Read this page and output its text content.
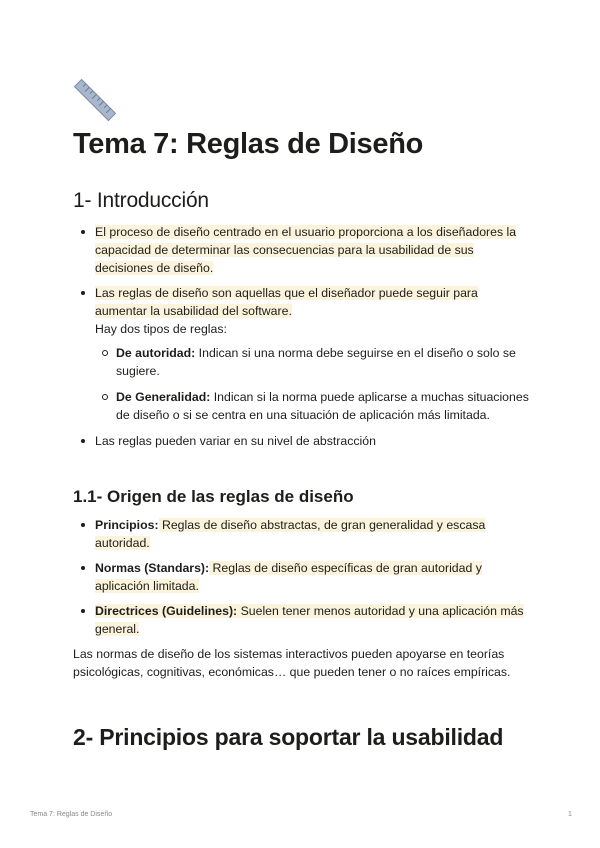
Tema 7: Reglas de Diseño
1- Introducción
El proceso de diseño centrado en el usuario proporciona a los diseñadores la capacidad de determinar las consecuencias para la usabilidad de sus decisiones de diseño.
Las reglas de diseño son aquellas que el diseñador puede seguir para aumentar la usabilidad del software.
Hay dos tipos de reglas:
De autoridad: Indican si una norma debe seguirse en el diseño o solo se sugiere.
De Generalidad: Indican si la norma puede aplicarse a muchas situaciones de diseño o si se centra en una situación de aplicación más limitada.
Las reglas pueden variar en su nivel de abstracción
1.1- Origen de las reglas de diseño
Principios: Reglas de diseño abstractas, de gran generalidad y escasa autoridad.
Normas (Standars): Reglas de diseño específicas de gran autoridad y aplicación limitada.
Directrices (Guidelines): Suelen tener menos autoridad y una aplicación más general.

Las normas de diseño de los sistemas interactivos pueden apoyarse en teorías psicológicas, cognitivas, económicas… que pueden tener o no raíces empíricas.

2- Principios para soportar la usabilidad
Tema 7: Reglas de Diseño	1
